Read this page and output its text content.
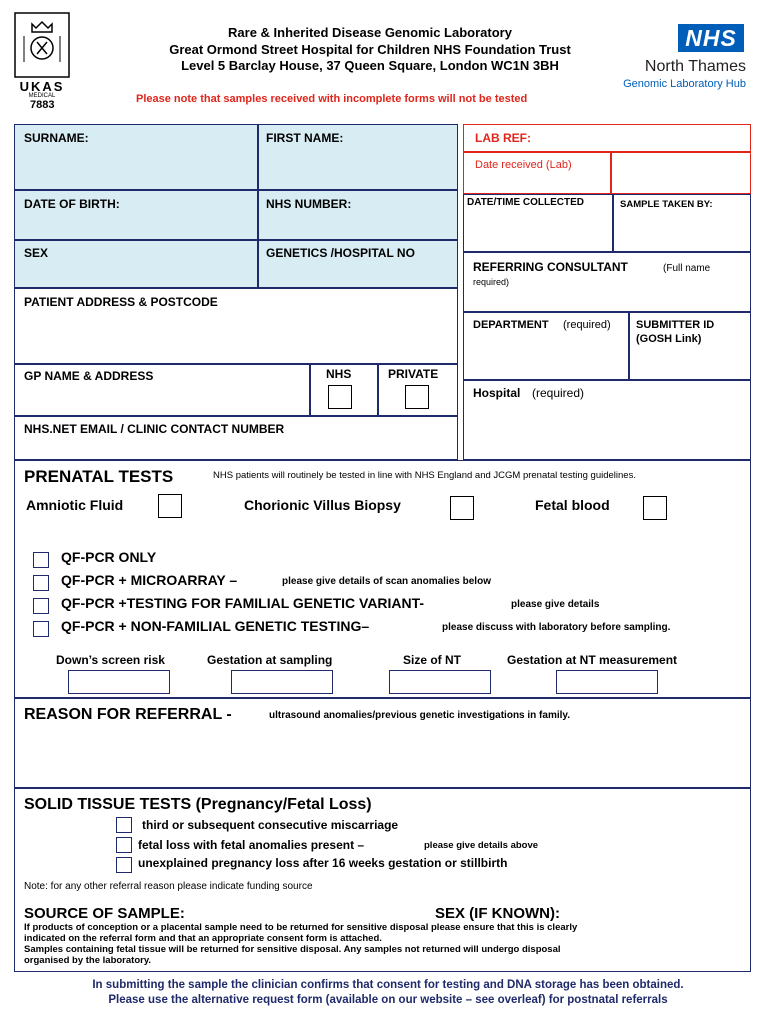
UKAS
MEDICAL
7883
Rare & Inherited Disease Genomic Laboratory
Great Ormond Street Hospital for Children NHS Foundation Trust
Level 5 Barclay House, 37 Queen Square, London WC1N 3BH
Please note that samples received with incomplete forms will not be tested
NHS
North Thames
Genomic Laboratory Hub
SURNAME:	FIRST NAME:
DATE OF BIRTH:	NHS NUMBER:
SEX	GENETICS /HOSPITAL NO
PATIENT ADDRESS & POSTCODE
GP NAME & ADDRESS	NHS	PRIVATE
NHS.NET EMAIL / CLINIC CONTACT NUMBER
LAB REF:
Date received (Lab)
DATE/TIME COLLECTED	SAMPLE TAKEN BY:
REFERRING CONSULTANT	(Full name
required)
DEPARTMENT (required) SUBMITTER ID
(GOSH Link)
Hospital (required)
PRENATAL TESTS	NHS patients will routinely be tested in line with NHS England and JCGM prenatal testing guidelines.
Amniotic Fluid	Chorionic Villus Biopsy	Fetal blood
QF-PCR ONLY
QF-PCR + MICROARRAY –	please give details of scan anomalies below
QF-PCR +TESTING FOR FAMILIAL GENETIC VARIANT-	please give details
QF-PCR + NON-FAMILIAL GENETIC TESTING–	please discuss with laboratory before sampling.
Down’s screen risk	Gestation at sampling	Size of NT	Gestation at NT measurement
REASON FOR REFERRAL -	ultrasound anomalies/previous genetic investigations in family.
SOLID TISSUE TESTS (Pregnancy/Fetal Loss)
third or subsequent consecutive miscarriage
fetal loss with fetal anomalies present –	please give details above
unexplained pregnancy loss after 16 weeks gestation or stillbirth
Note: for any other referral reason please indicate funding source
SOURCE OF SAMPLE:	SEX (IF KNOWN):
If products of conception or a placental sample need to be returned for sensitive disposal please ensure that this is clearly
indicated on the referral form and that an appropriate consent form is attached.
Samples containing fetal tissue will be returned for sensitive disposal. Any samples not returned will undergo disposal
organised by the laboratory.
In submitting the sample the clinician confirms that consent for testing and DNA storage has been obtained.
Please use the alternative request form (available on our website – see overleaf) for postnatal referrals
